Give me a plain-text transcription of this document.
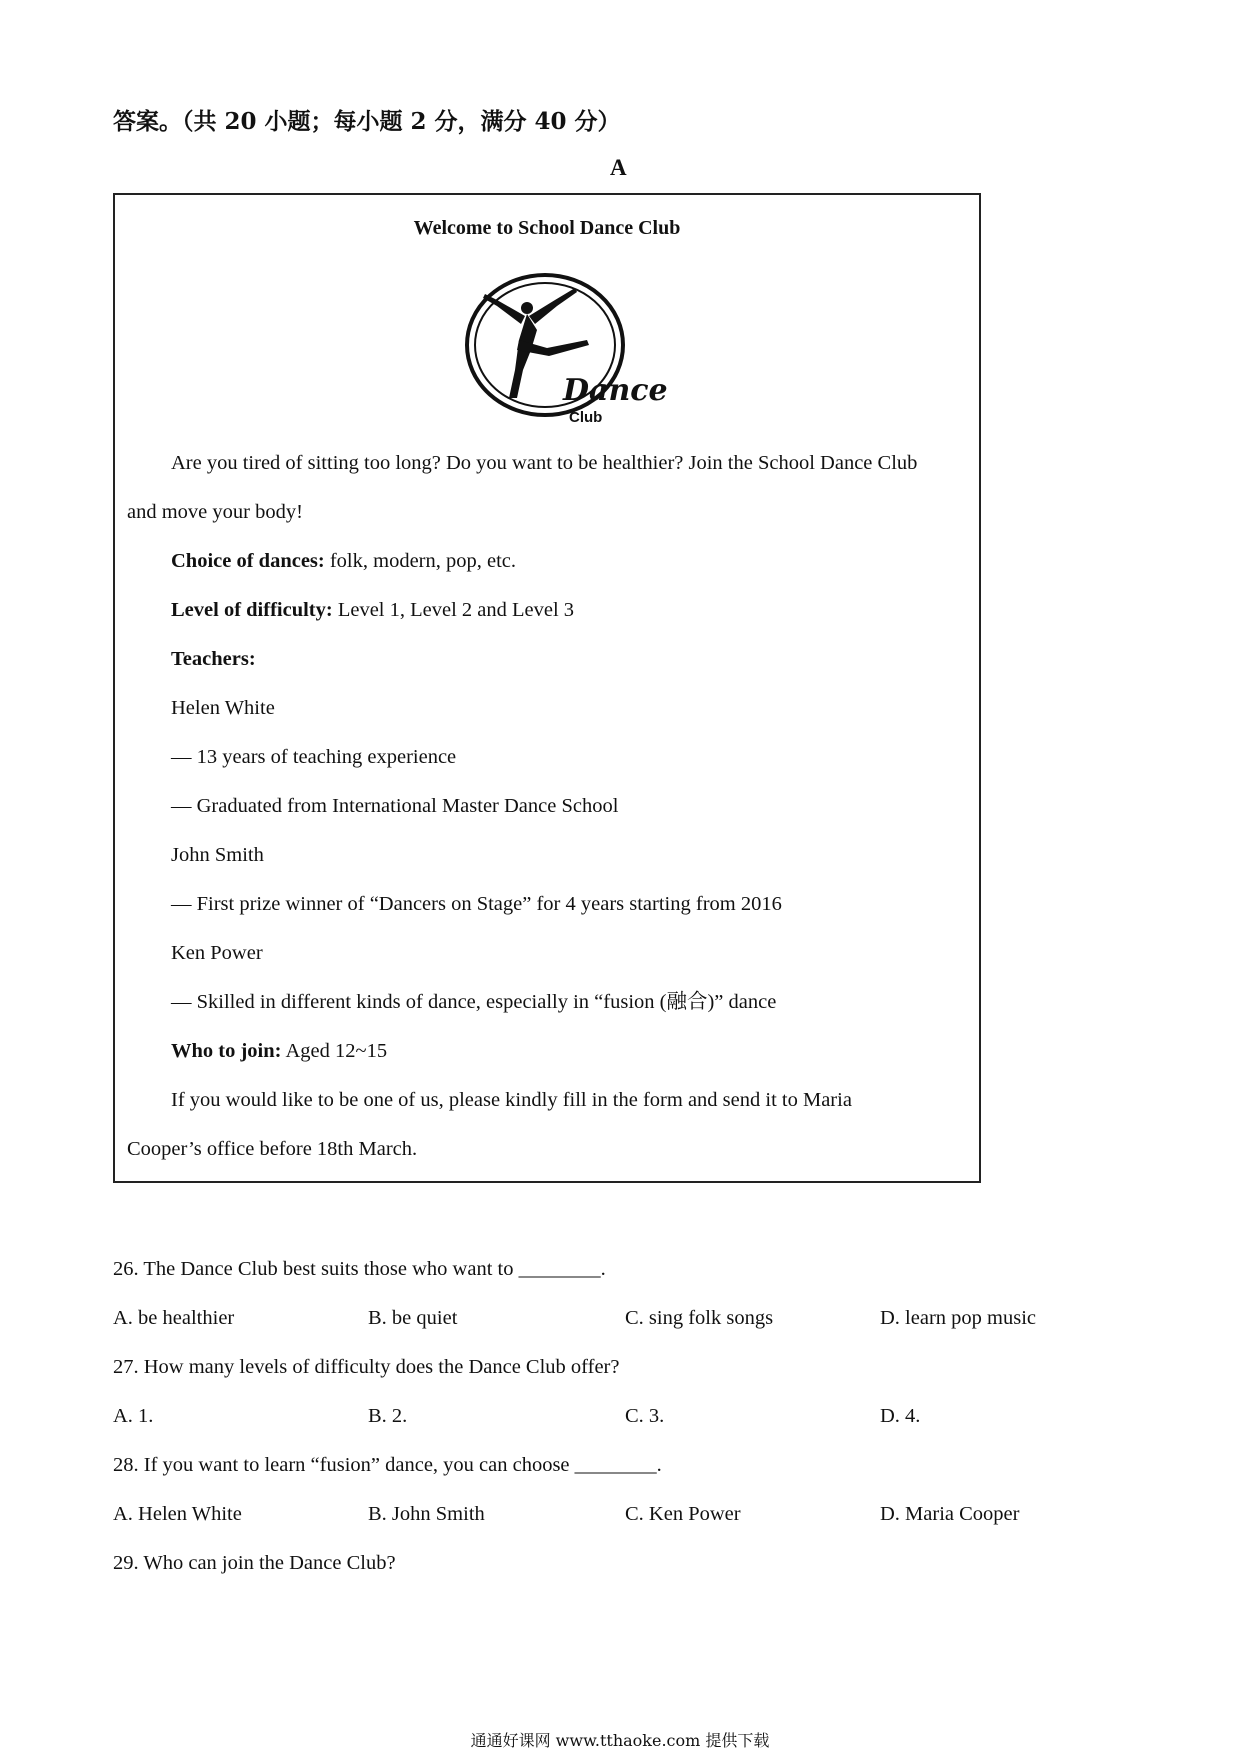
答案。（共 20 小题；每小题 2 分，满分 40 分）
A
Welcome to School Dance Club
Dance
Club
Are you tired of sitting too long? Do you want to be healthier? Join the School Dance Club
and move your body!
Choice of dances: folk, modern, pop, etc.
Level of difficulty: Level 1, Level 2 and Level 3
Teachers:
Helen White
— 13 years of teaching experience
— Graduated from International Master Dance School
John Smith
— First prize winner of “Dancers on Stage” for 4 years starting from 2016
Ken Power
— Skilled in different kinds of dance, especially in “fusion (融合)” dance
Who to join: Aged 12~15
If you would like to be one of us, please kindly fill in the form and send it to Maria
Cooper’s office before 18th March.
26. The Dance Club best suits those who want to ________.
A. be healthier	B. be quiet	C. sing folk songs	D. learn pop music
27. How many levels of difficulty does the Dance Club offer?
A. 1.	B. 2.	C. 3.	D. 4.
28. If you want to learn “fusion” dance, you can choose ________.
A. Helen White	B. John Smith	C. Ken Power	D. Maria Cooper
29. Who can join the Dance Club?
通通好课网 www.tthaoke.com 提供下载
